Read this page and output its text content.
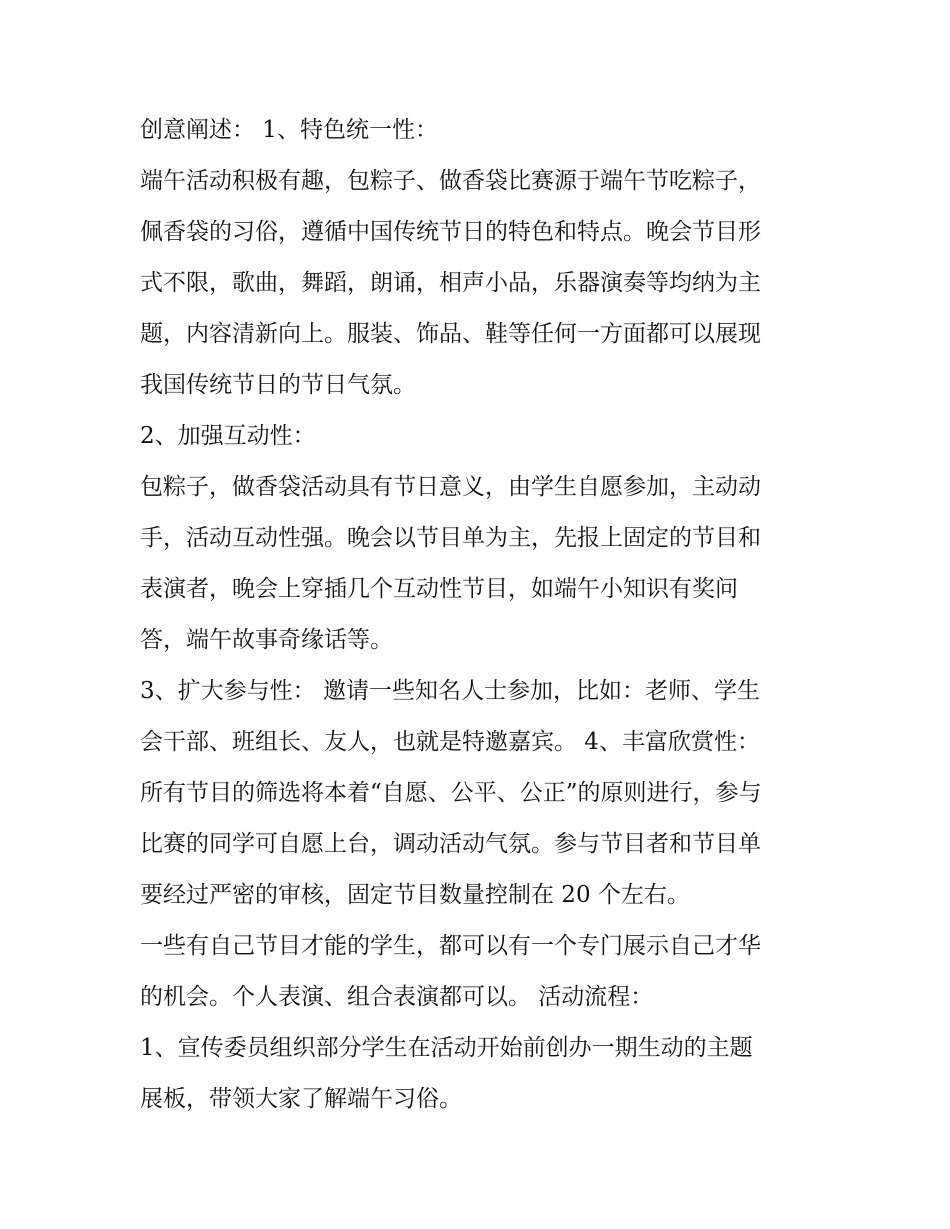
创意阐述： 1、特色统一性：
端午活动积极有趣，包粽子、做香袋比赛源于端午节吃粽子，
佩香袋的习俗，遵循中国传统节日的特色和特点。晚会节目形
式不限，歌曲，舞蹈，朗诵，相声小品，乐器演奏等均纳为主
题，内容清新向上。服装、饰品、鞋等任何一方面都可以展现
我国传统节日的节日气氛。
2、加强互动性：
包粽子，做香袋活动具有节日意义，由学生自愿参加，主动动
手，活动互动性强。晚会以节目单为主，先报上固定的节目和
表演者，晚会上穿插几个互动性节目，如端午小知识有奖问
答，端午故事奇缘话等。
3、扩大参与性： 邀请一些知名人士参加，比如：老师、学生
会干部、班组长、友人，也就是特邀嘉宾。 4、丰富欣赏性：
所有节目的筛选将本着“自愿、公平、公正”的原则进行，参与
比赛的同学可自愿上台，调动活动气氛。参与节目者和节目单
要经过严密的审核，固定节目数量控制在 20 个左右。
一些有自己节目才能的学生，都可以有一个专门展示自己才华
的机会。个人表演、组合表演都可以。 活动流程：
1、宣传委员组织部分学生在活动开始前创办一期生动的主题
展板，带领大家了解端午习俗。
